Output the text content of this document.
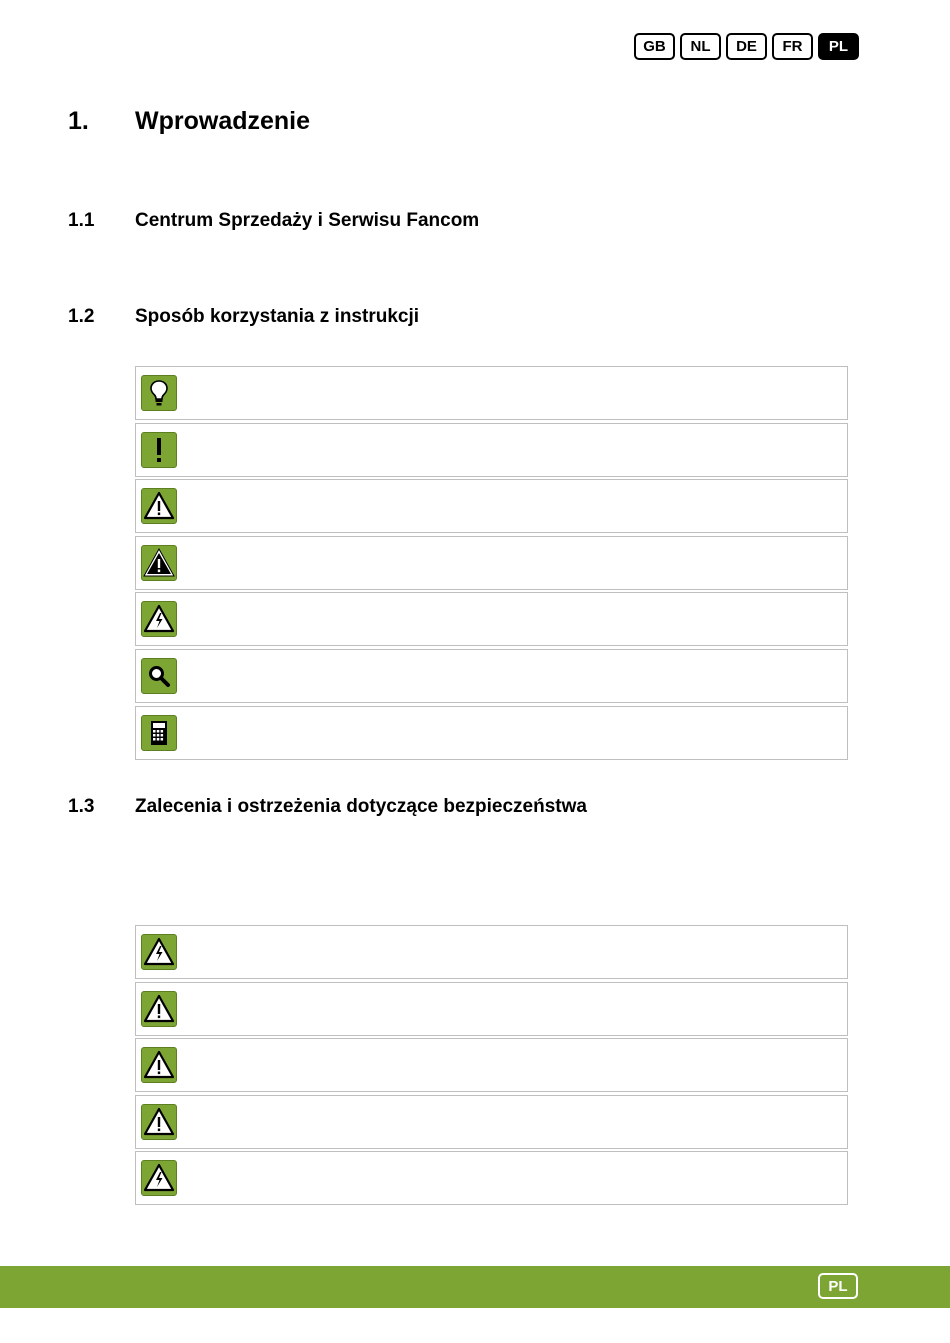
GB	NL	DE	FR	PL
1. Wprowadzenie
1.1 Centrum Sprzedaży i Serwisu Fancom
1.2 Sposób korzystania z instrukcji
1.3 Zalecenia i ostrzeżenia dotyczące bezpieczeństwa
PL
